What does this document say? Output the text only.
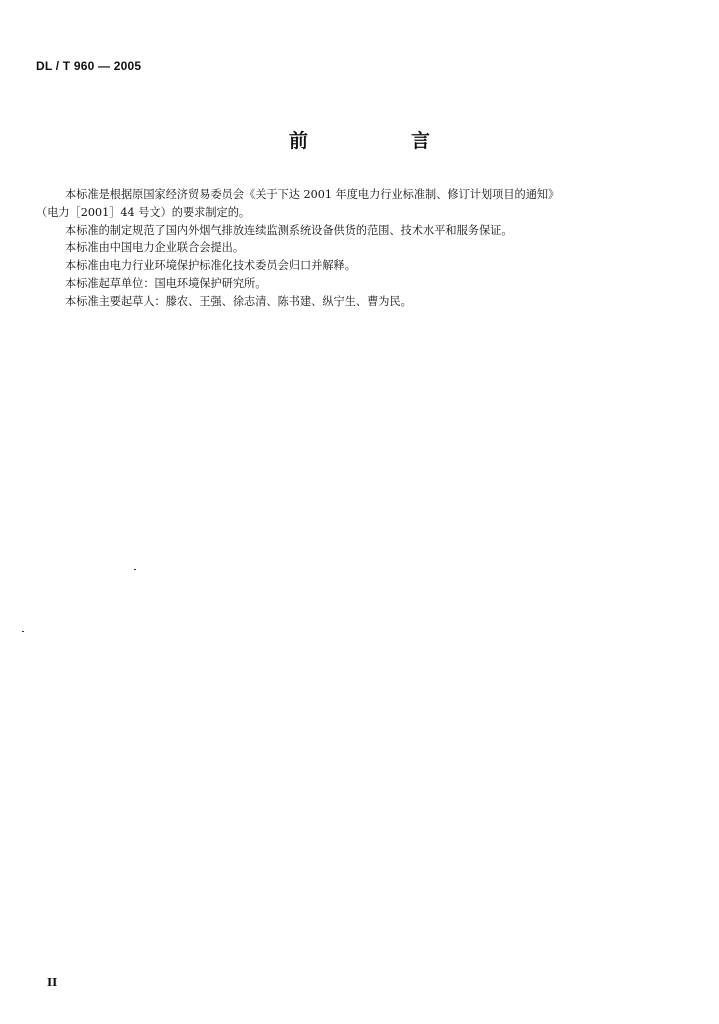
DL / T 960 — 2005
前　言

本标准是根据原国家经济贸易委员会《关于下达 2001 年度电力行业标准制、修订计划项目的通知》
（电力［2001］44 号文）的要求制定的。

本标准的制定规范了国内外烟气排放连续监测系统设备供货的范围、技术水平和服务保证。

本标准由中国电力企业联合会提出。

本标准由电力行业环境保护标准化技术委员会归口并解释。

本标准起草单位：国电环境保护研究所。

本标准主要起草人：滕农、王强、徐志清、陈书建、纵宁生、曹为民。

II
